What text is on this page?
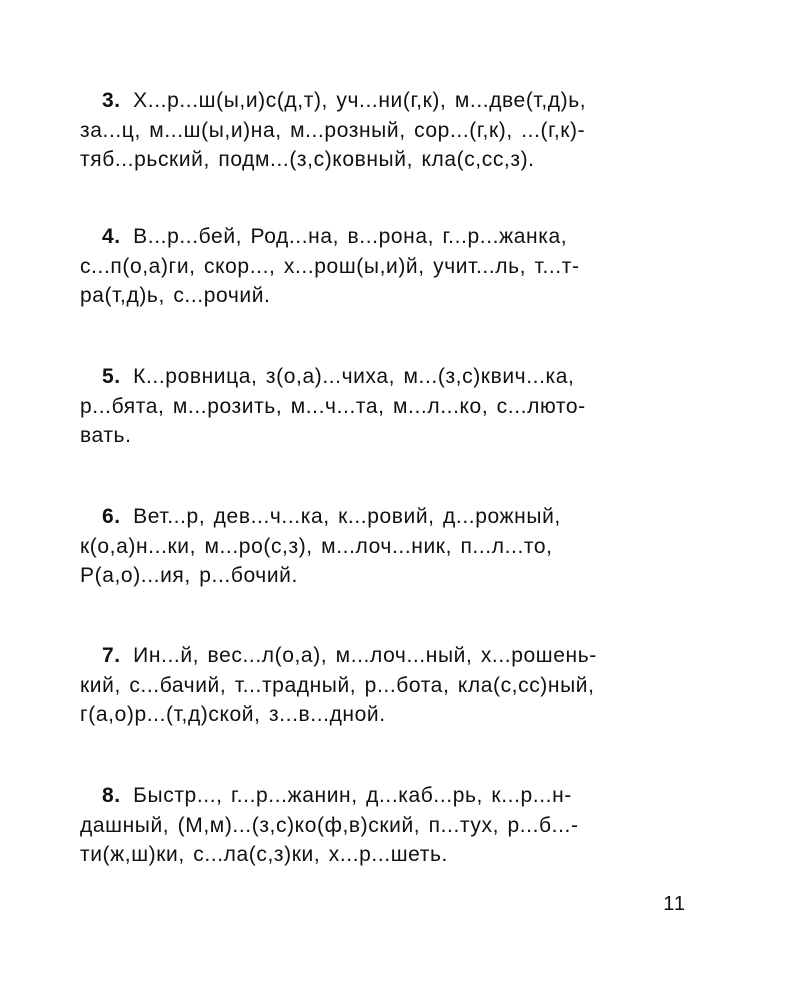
3. Х...р...ш(ы,и)с(д,т), уч...ни(г,к), м...две(т,д)ь,
за...ц, м...ш(ы,и)на, м...розный, сор...(г,к), ...(г,к)-
тяб...рьский, подм...(з,с)ковный, кла(с,сс,з).
4. В...р...бей, Род...на, в...рона, г...р...жанка,
с...п(о,а)ги, скор..., х...рош(ы,и)й, учит...ль, т...т-
ра(т,д)ь, с...рочий.
5. К...ровница, з(о,а)...чиха, м...(з,с)квич...ка,
р...бята, м...розить, м...ч...та, м...л...ко, с...люто-
вать.
6. Вет...р, дев...ч...ка, к...ровий, д...рожный,
к(о,а)н...ки, м...ро(с,з), м...лоч...ник, п...л...то,
Р(а,о)...ия, р...бочий.
7. Ин...й, вес...л(о,а), м...лоч...ный, х...рошень-
кий, с...бачий, т...традный, р...бота, кла(с,сс)ный,
г(а,о)р...(т,д)ской, з...в...дной.
8. Быстр..., г...р...жанин, д...каб...рь, к...р...н-
дашный, (М,м)...(з,с)ко(ф,в)ский, п...тух, р...б...-
ти(ж,ш)ки, с...ла(с,з)ки, х...р...шеть.
11
